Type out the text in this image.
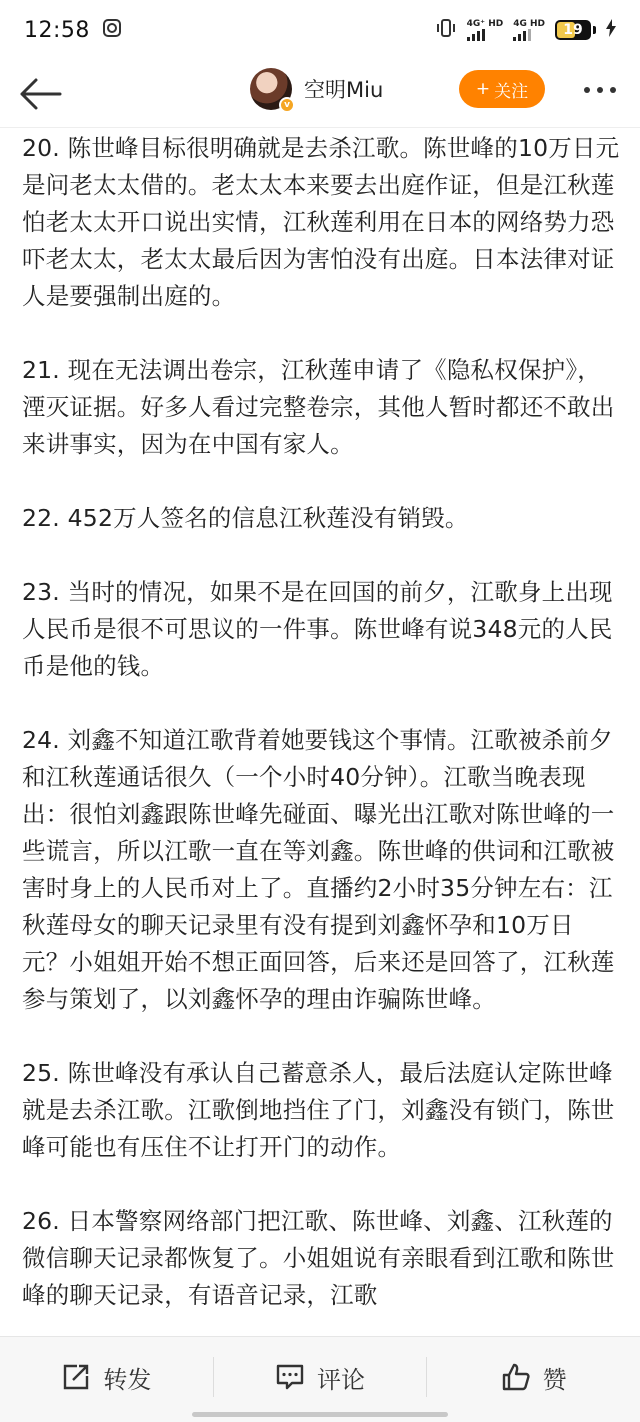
12:58	4G⁺ HD 4G HD 19
v
空明Miu	+ 关注

20. 陈世峰目标很明确就是去杀江歌。陈世峰的10万日元是问老太太借的。老太太本来要去出庭作证，但是江秋莲怕老太太开口说出实情，江秋莲利用在日本的网络势力恐吓老太太，老太太最后因为害怕没有出庭。日本法律对证人是要强制出庭的。

21. 现在无法调出卷宗，江秋莲申请了《隐私权保护》，湮灭证据。好多人看过完整卷宗，其他人暂时都还不敢出来讲事实，因为在中国有家人。

22. 452万人签名的信息江秋莲没有销毁。

23. 当时的情况，如果不是在回国的前夕，江歌身上出现人民币是很不可思议的一件事。陈世峰有说348元的人民币是他的钱。

24. 刘鑫不知道江歌背着她要钱这个事情。江歌被杀前夕和江秋莲通话很久（一个小时40分钟）。江歌当晚表现出：很怕刘鑫跟陈世峰先碰面、曝光出江歌对陈世峰的一些谎言，所以江歌一直在等刘鑫。陈世峰的供词和江歌被害时身上的人民币对上了。直播约2小时35分钟左右：江秋莲母女的聊天记录里有没有提到刘鑫怀孕和10万日元？小姐姐开始不想正面回答，后来还是回答了，江秋莲参与策划了，以刘鑫怀孕的理由诈骗陈世峰。

25. 陈世峰没有承认自己蓄意杀人，最后法庭认定陈世峰就是去杀江歌。江歌倒地挡住了门，刘鑫没有锁门，陈世峰可能也有压住不让打开门的动作。

26. 日本警察网络部门把江歌、陈世峰、刘鑫、江秋莲的微信聊天记录都恢复了。小姐姐说有亲眼看到江歌和陈世峰的聊天记录，有语音记录，江歌

转发	评论	赞
